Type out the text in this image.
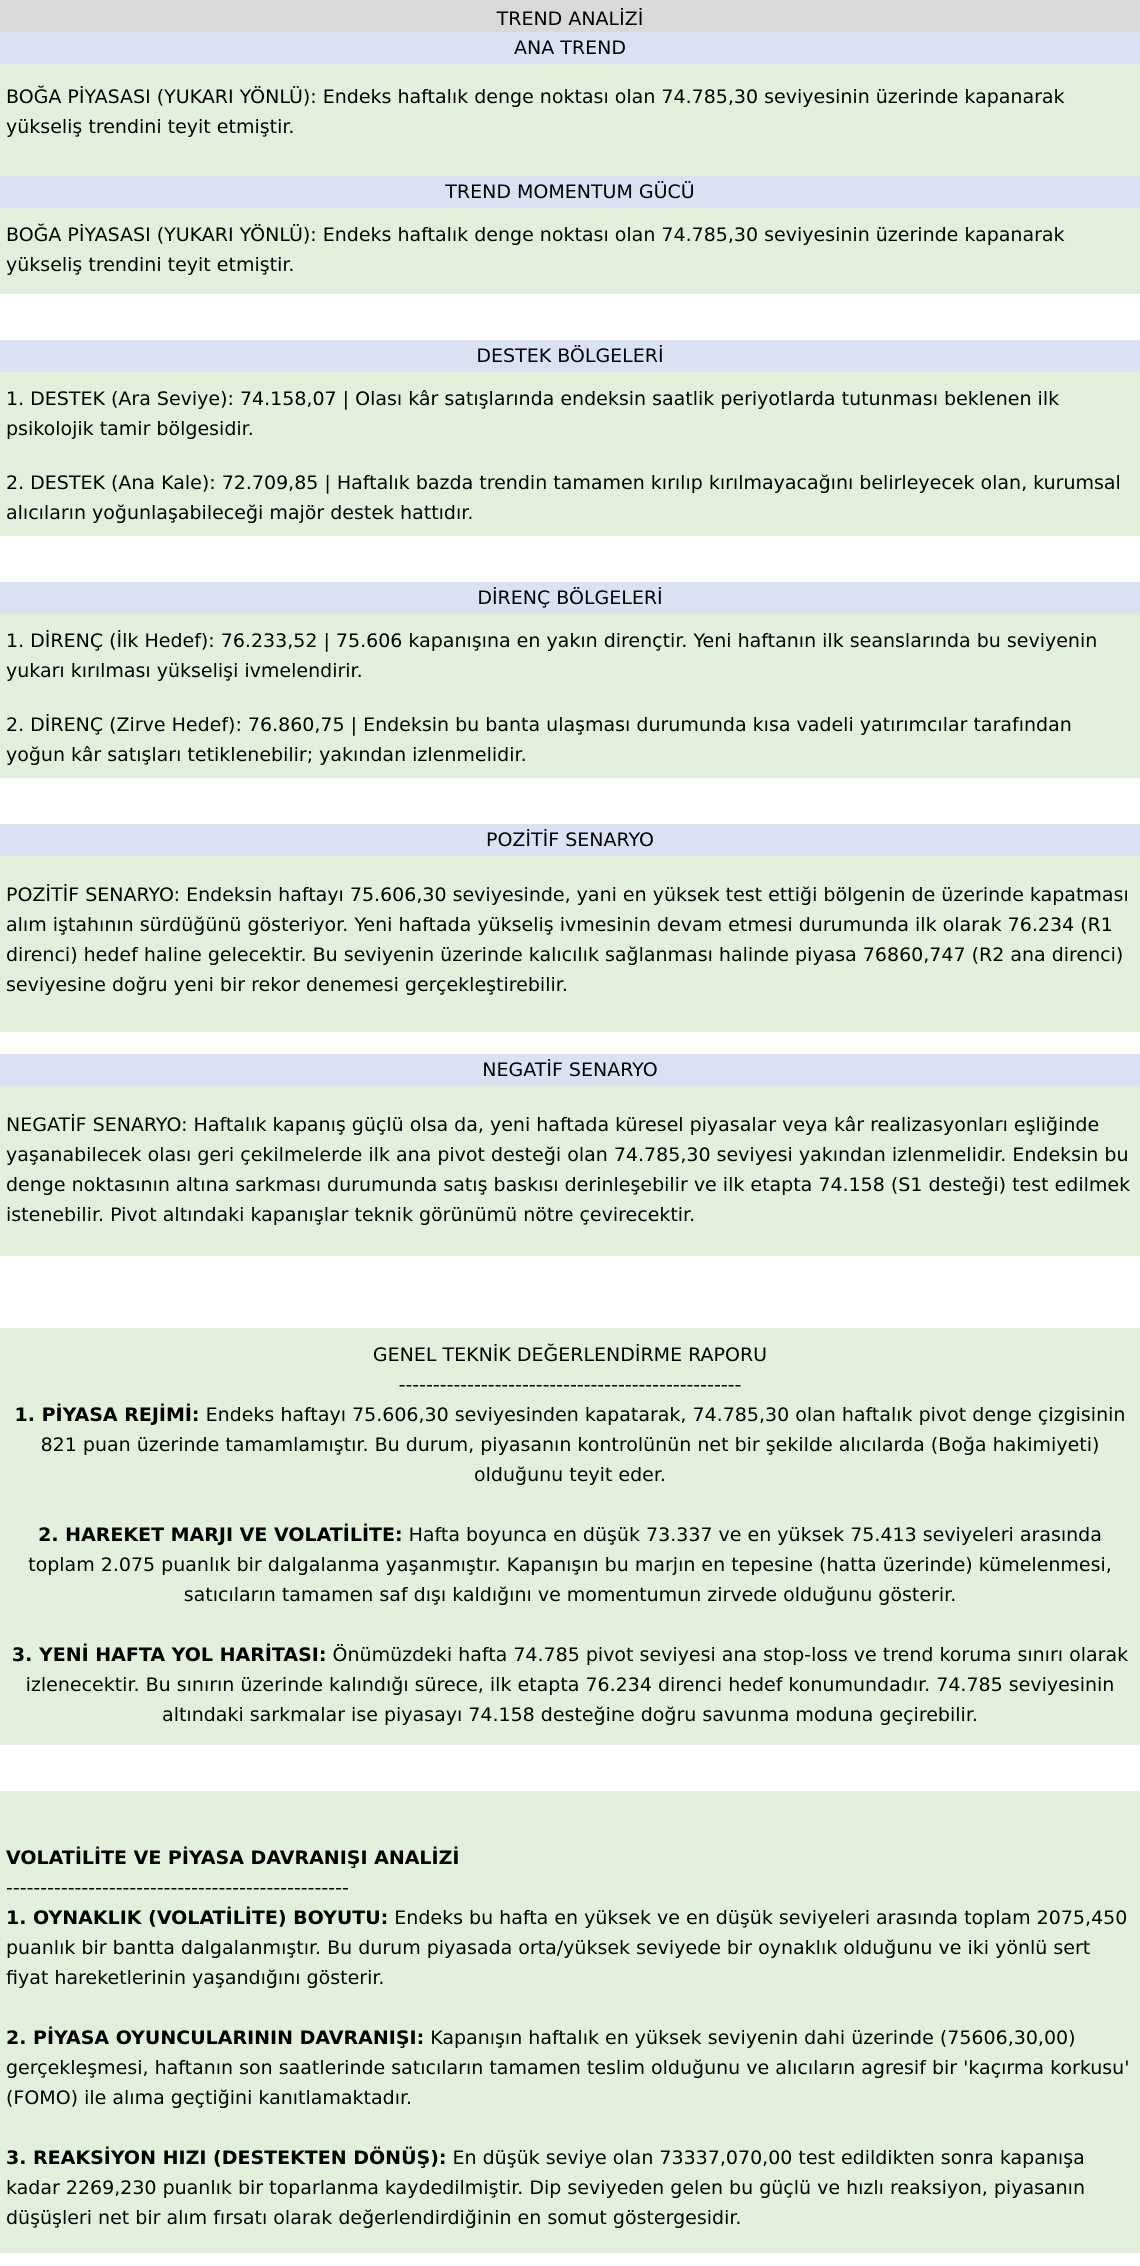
TREND ANALİZİ
ANA TREND

BOĞA PİYASASI (YUKARI YÖNLÜ): Endeks haftalık denge noktası olan 74.785,30 seviyesinin üzerinde kapanarak yükseliş trendini teyit etmiştir.

TREND MOMENTUM GÜCÜ

BOĞA PİYASASI (YUKARI YÖNLÜ): Endeks haftalık denge noktası olan 74.785,30 seviyesinin üzerinde kapanarak yükseliş trendini teyit etmiştir.

DESTEK BÖLGELERİ

1. DESTEK (Ara Seviye): 74.158,07 | Olası kâr satışlarında endeksin saatlik periyotlarda tutunması beklenen ilk psikolojik tamir bölgesidir.

2. DESTEK (Ana Kale): 72.709,85 | Haftalık bazda trendin tamamen kırılıp kırılmayacağını belirleyecek olan, kurumsal alıcıların yoğunlaşabileceği majör destek hattıdır.

DİRENÇ BÖLGELERİ

1. DİRENÇ (İlk Hedef): 76.233,52 | 75.606 kapanışına en yakın dirençtir. Yeni haftanın ilk seanslarında bu seviyenin yukarı kırılması yükselişi ivmelendirir.

2. DİRENÇ (Zirve Hedef): 76.860,75 | Endeksin bu banta ulaşması durumunda kısa vadeli yatırımcılar tarafından yoğun kâr satışları tetiklenebilir; yakından izlenmelidir.

POZİTİF SENARYO

POZİTİF SENARYO: Endeksin haftayı 75.606,30 seviyesinde, yani en yüksek test ettiği bölgenin de üzerinde kapatması alım iştahının sürdüğünü gösteriyor. Yeni haftada yükseliş ivmesinin devam etmesi durumunda ilk olarak 76.234 (R1 direnci) hedef haline gelecektir. Bu seviyenin üzerinde kalıcılık sağlanması halinde piyasa 76860,747 (R2 ana direnci) seviyesine doğru yeni bir rekor denemesi gerçekleştirebilir.

NEGATİF SENARYO

NEGATİF SENARYO: Haftalık kapanış güçlü olsa da, yeni haftada küresel piyasalar veya kâr realizasyonları eşliğinde yaşanabilecek olası geri çekilmelerde ilk ana pivot desteği olan 74.785,30 seviyesi yakından izlenmelidir. Endeksin bu denge noktasının altına sarkması durumunda satış baskısı derinleşebilir ve ilk etapta 74.158 (S1 desteği) test edilmek istenebilir. Pivot altındaki kapanışlar teknik görünümü nötre çevirecektir.

GENEL TEKNİK DEĞERLENDİRME RAPORU

--------------------------------------------------

1. PİYASA REJİMİ: Endeks haftayı 75.606,30 seviyesinden kapatarak, 74.785,30 olan haftalık pivot denge çizgisinin 821 puan üzerinde tamamlamıştır. Bu durum, piyasanın kontrolünün net bir şekilde alıcılarda (Boğa hakimiyeti) olduğunu teyit eder.

2. HAREKET MARJI VE VOLATİLİTE: Hafta boyunca en düşük 73.337 ve en yüksek 75.413 seviyeleri arasında toplam 2.075 puanlık bir dalgalanma yaşanmıştır. Kapanışın bu marjın en tepesine (hatta üzerinde) kümelenmesi, satıcıların tamamen saf dışı kaldığını ve momentumun zirvede olduğunu gösterir.

3. YENİ HAFTA YOL HARİTASI: Önümüzdeki hafta 74.785 pivot seviyesi ana stop-loss ve trend koruma sınırı olarak izlenecektir. Bu sınırın üzerinde kalındığı sürece, ilk etapta 76.234 direnci hedef konumundadır. 74.785 seviyesinin altındaki sarkmalar ise piyasayı 74.158 desteğine doğru savunma moduna geçirebilir.

VOLATİLİTE VE PİYASA DAVRANIŞI ANALİZİ

--------------------------------------------------

1. OYNAKLIK (VOLATİLİTE) BOYUTU: Endeks bu hafta en yüksek ve en düşük seviyeleri arasında toplam 2075,450 puanlık bir bantta dalgalanmıştır. Bu durum piyasada orta/yüksek seviyede bir oynaklık olduğunu ve iki yönlü sert fiyat hareketlerinin yaşandığını gösterir.

2. PİYASA OYUNCULARININ DAVRANIŞI: Kapanışın haftalık en yüksek seviyenin dahi üzerinde (75606,30,00) gerçekleşmesi, haftanın son saatlerinde satıcıların tamamen teslim olduğunu ve alıcıların agresif bir 'kaçırma korkusu' (FOMO) ile alıma geçtiğini kanıtlamaktadır.

3. REAKSİYON HIZI (DESTEKTEN DÖNÜŞ): En düşük seviye olan 73337,070,00 test edildikten sonra kapanışa kadar 2269,230 puanlık bir toparlanma kaydedilmiştir. Dip seviyeden gelen bu güçlü ve hızlı reaksiyon, piyasanın düşüşleri net bir alım fırsatı olarak değerlendirdiğinin en somut göstergesidir.
